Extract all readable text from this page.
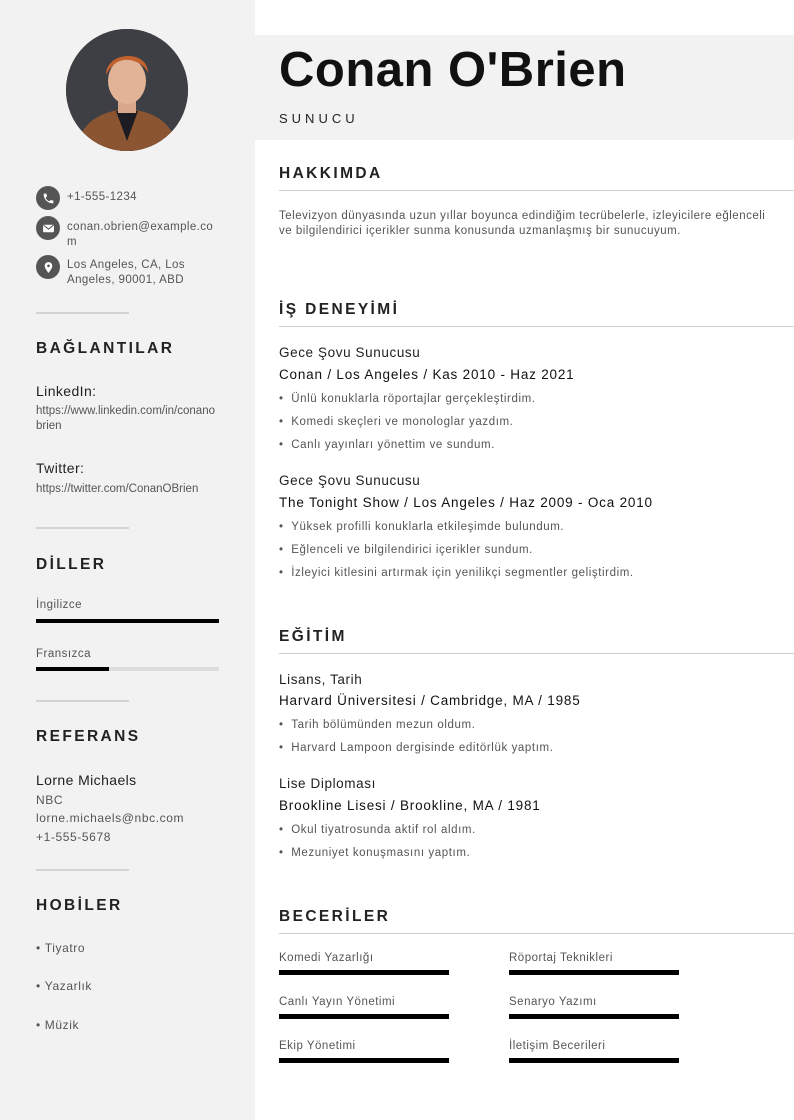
+1-555-1234
conan.obrien@example.com
Los Angeles, CA, Los Angeles, 90001, ABD
BAĞLANTILAR
LinkedIn:
https://www.linkedin.com/in/conanobrien
Twitter:
https://twitter.com/ConanOBrien
DİLLER
İngilizce
Fransızca
REFERANS
Lorne Michaels
NBC
lorne.michaels@nbc.com
+1-555-5678
HOBİLER
• Tiyatro
• Yazarlık
• Müzik
Conan O'Brien
SUNUCU
HAKKIMDA
Televizyon dünyasında uzun yıllar boyunca edindiğim tecrübelerle, izleyicilere eğlenceli ve bilgilendirici içerikler sunma konusunda uzmanlaşmış bir sunucuyum.
İŞ DENEYİMİ
Gece Şovu Sunucusu
Conan / Los Angeles / Kas 2010 - Haz 2021
•  Ünlü konuklarla röportajlar gerçekleştirdim.
•  Komedi skeçleri ve monologlar yazdım.
•  Canlı yayınları yönettim ve sundum.
Gece Şovu Sunucusu
The Tonight Show / Los Angeles / Haz 2009 - Oca 2010
•  Yüksek profilli konuklarla etkileşimde bulundum.
•  Eğlenceli ve bilgilendirici içerikler sundum.
•  İzleyici kitlesini artırmak için yenilikçi segmentler geliştirdim.
EĞİTİM
Lisans, Tarih
Harvard Üniversitesi / Cambridge, MA / 1985
•  Tarih bölümünden mezun oldum.
•  Harvard Lampoon dergisinde editörlük yaptım.
Lise Diploması
Brookline Lisesi / Brookline, MA / 1981
•  Okul tiyatrosunda aktif rol aldım.
•  Mezuniyet konuşmasını yaptım.
BECERİLER
Komedi Yazarlığı	Röportaj Teknikleri
Canlı Yayın Yönetimi	Senaryo Yazımı
Ekip Yönetimi	İletişim Becerileri
